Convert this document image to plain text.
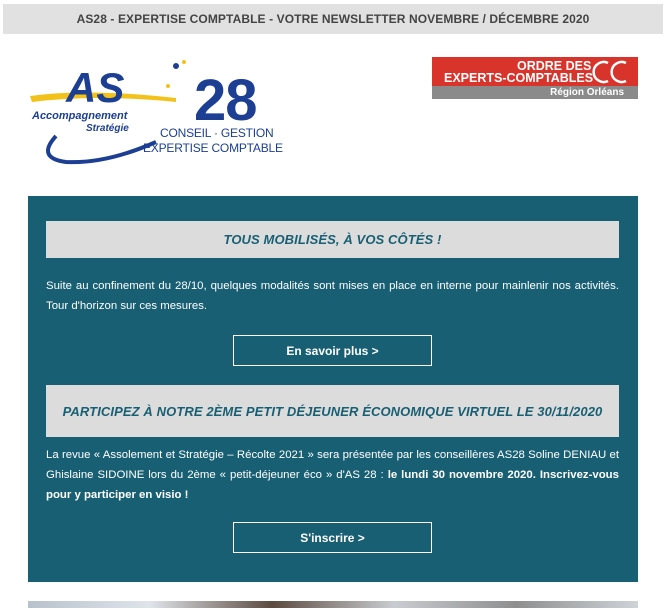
AS28 - EXPERTISE COMPTABLE - VOTRE NEWSLETTER NOVEMBRE / DÉCEMBRE 2020
AS
Accompagnement
Stratégie 28
CONSEIL · GESTION
EXPERTISE COMPTABLE
ORDRE DES
EXPERTS-COMPTABLES
Région Orléans
TOUS MOBILISÉS, À VOS CÔTÉS !

Suite au confinement du 28/10, quelques modalités sont mises en place en interne pour mainlenir nos activités. Tour d'horizon sur ces mesures.

En savoir plus >
PARTICIPEZ À NOTRE 2ÈME PETIT DÉJEUNER ÉCONOMIQUE VIRTUEL LE 30/11/2020

La revue « Assolement et Stratégie – Récolte 2021 » sera présentée par les conseillères AS28 Soline DENIAU et Ghislaine SIDOINE lors du 2ème « petit-déjeuner éco » d'AS 28 : le lundi 30 novembre 2020. Inscrivez-vous pour y participer en visio !

S'inscrire >
